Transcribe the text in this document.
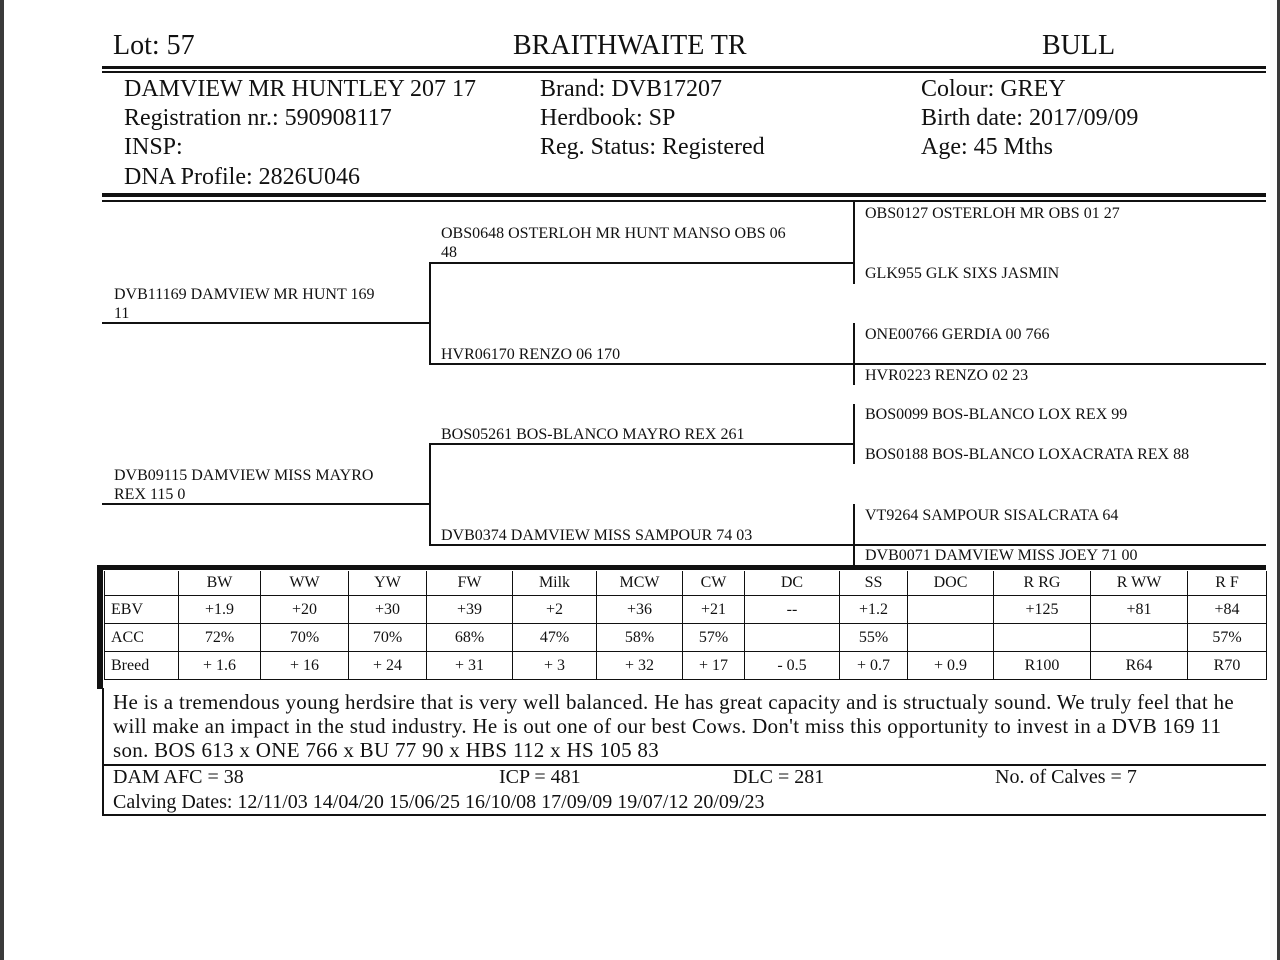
Lot: 57	BRAITHWAITE TR	BULL
DAMVIEW MR HUNTLEY 207 17
Registration nr.: 590908117
INSP:
DNA Profile: 2826U046
Brand: DVB17207
Herdbook: SP
Reg. Status: Registered
Colour: GREY
Birth date: 2017/09/09
Age: 45 Mths
DVB11169 DAMVIEW MR HUNT 169
11
DVB09115 DAMVIEW MISS MAYRO
REX 115 0
OBS0648 OSTERLOH MR HUNT MANSO OBS 06
48
HVR06170 RENZO 06 170
BOS05261 BOS-BLANCO MAYRO REX 261
DVB0374 DAMVIEW MISS SAMPOUR 74 03
OBS0127 OSTERLOH MR OBS 01 27
GLK955 GLK SIXS JASMIN
ONE00766 GERDIA 00 766
HVR0223 RENZO 02 23
BOS0099 BOS-BLANCO LOX REX 99
BOS0188 BOS-BLANCO LOXACRATA REX 88
VT9264 SAMPOUR SISALCRATA 64
DVB0071 DAMVIEW MISS JOEY 71 00
	BW	WW	YW	FW	Milk	MCW	CW	DC	SS	DOC	R RG	R WW	R F
EBV	+1.9	+20	+30	+39	+2	+36	+21	--	+1.2		+125	+81	+84
ACC	72%	70%	70%	68%	47%	58%	57%		55%				57%
Breed	+ 1.6	+ 16	+ 24	+ 31	+ 3	+ 32	+ 17	- 0.5	+ 0.7	+ 0.9	R100	R64	R70
He is a tremendous young herdsire that is very well balanced. He has great capacity and is structualy sound. We truly feel that he will make an impact in the stud industry. He is out one of our best Cows. Don't miss this opportunity to invest in a DVB 169 11 son. BOS 613 x ONE 766 x BU 77 90 x HBS 112 x HS 105 83
DAM AFC = 38	ICP = 481	DLC = 281	No. of Calves = 7
Calving Dates: 12/11/03 14/04/20 15/06/25 16/10/08 17/09/09 19/07/12 20/09/23
